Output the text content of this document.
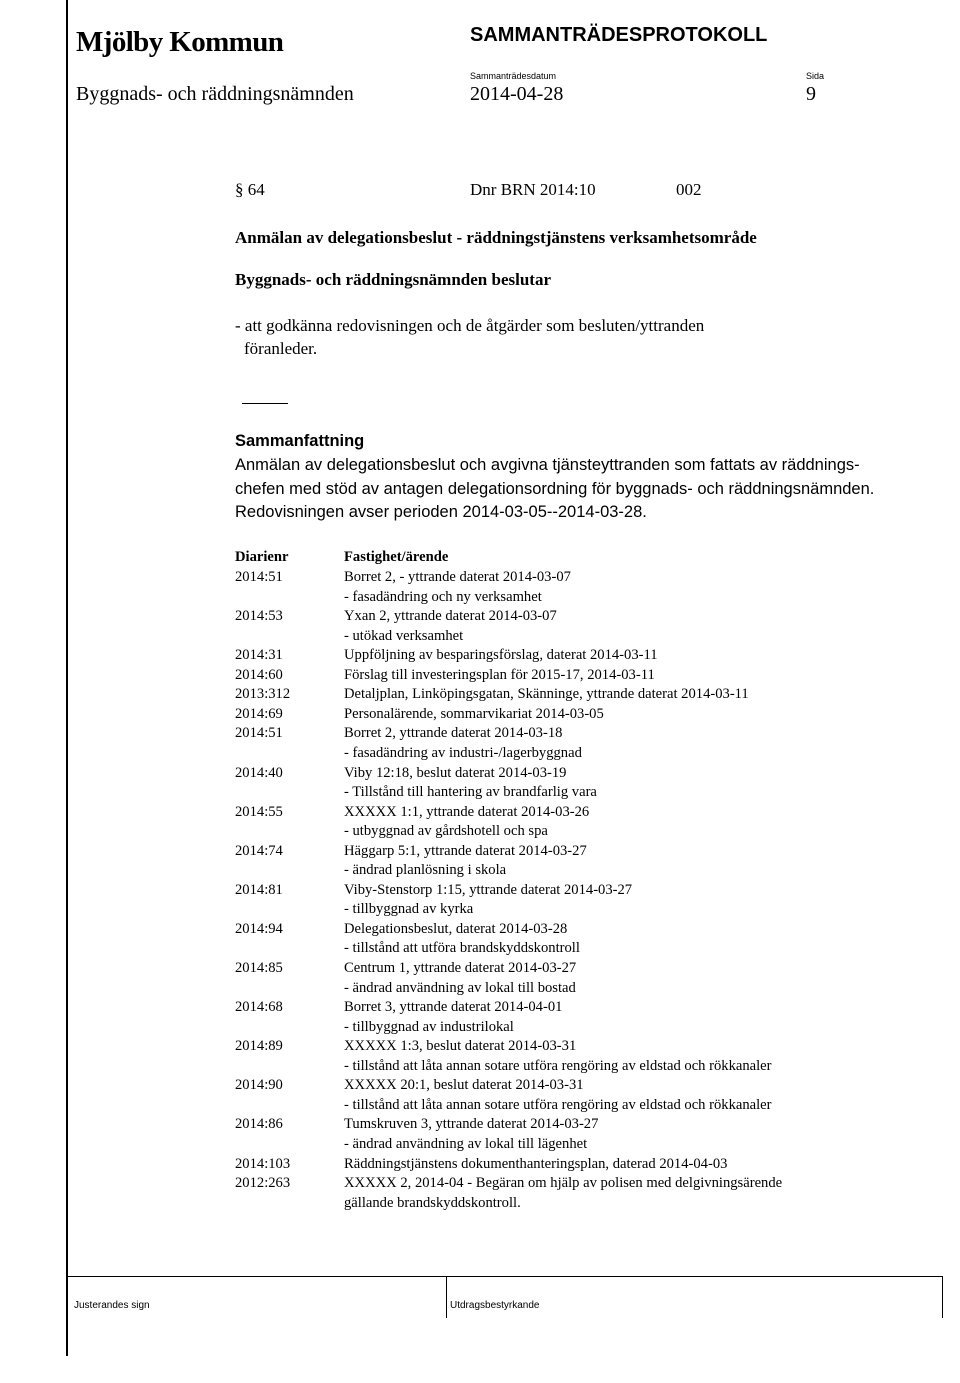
Mjölby Kommun	SAMMANTRÄDESPROTOKOLL
Sammanträdesdatum	Sida
Byggnads- och räddningsnämnden	2014-04-28	9
§ 64	Dnr BRN 2014:10	002
Anmälan av delegationsbeslut - räddningstjänstens verksamhetsområde
Byggnads- och räddningsnämnden beslutar
- att godkänna redovisningen och de åtgärder som besluten/yttranden
föranleder.
Sammanfattning
Anmälan av delegationsbeslut och avgivna tjänsteyttranden som fattats av räddnings-
chefen med stöd av antagen delegationsordning för byggnads- och räddningsnämnden.
Redovisningen avser perioden 2014-03-05--2014-03-28.
Diarienr	Fastighet/ärende
2014:51	Borret 2, - yttrande daterat 2014-03-07
- fasadändring och ny verksamhet
2014:53	Yxan 2, yttrande daterat 2014-03-07
- utökad verksamhet
2014:31	Uppföljning av besparingsförslag, daterat 2014-03-11
2014:60	Förslag till investeringsplan för 2015-17, 2014-03-11
2013:312	Detaljplan, Linköpingsgatan, Skänninge, yttrande daterat 2014-03-11
2014:69	Personalärende, sommarvikariat 2014-03-05
2014:51	Borret 2, yttrande daterat 2014-03-18
- fasadändring av industri-/lagerbyggnad
2014:40	Viby 12:18, beslut daterat 2014-03-19
- Tillstånd till hantering av brandfarlig vara
2014:55	XXXXX 1:1, yttrande daterat 2014-03-26
- utbyggnad av gårdshotell och spa
2014:74	Häggarp 5:1, yttrande daterat 2014-03-27
- ändrad planlösning i skola
2014:81	Viby-Stenstorp 1:15, yttrande daterat 2014-03-27
- tillbyggnad av kyrka
2014:94	Delegationsbeslut, daterat 2014-03-28
- tillstånd att utföra brandskyddskontroll
2014:85	Centrum 1, yttrande daterat 2014-03-27
- ändrad användning av lokal till bostad
2014:68	Borret 3, yttrande daterat 2014-04-01
- tillbyggnad av industrilokal
2014:89	XXXXX 1:3, beslut daterat 2014-03-31
- tillstånd att låta annan sotare utföra rengöring av eldstad och rökkanaler
2014:90	XXXXX 20:1, beslut daterat 2014-03-31
- tillstånd att låta annan sotare utföra rengöring av eldstad och rökkanaler
2014:86	Tumskruven 3, yttrande daterat 2014-03-27
- ändrad användning av lokal till lägenhet
2014:103	Räddningstjänstens dokumenthanteringsplan, daterad 2014-04-03
2012:263	XXXXX 2, 2014-04 - Begäran om hjälp av polisen med delgivningsärende
gällande brandskyddskontroll.
Justerandes sign	Utdragsbestyrkande
